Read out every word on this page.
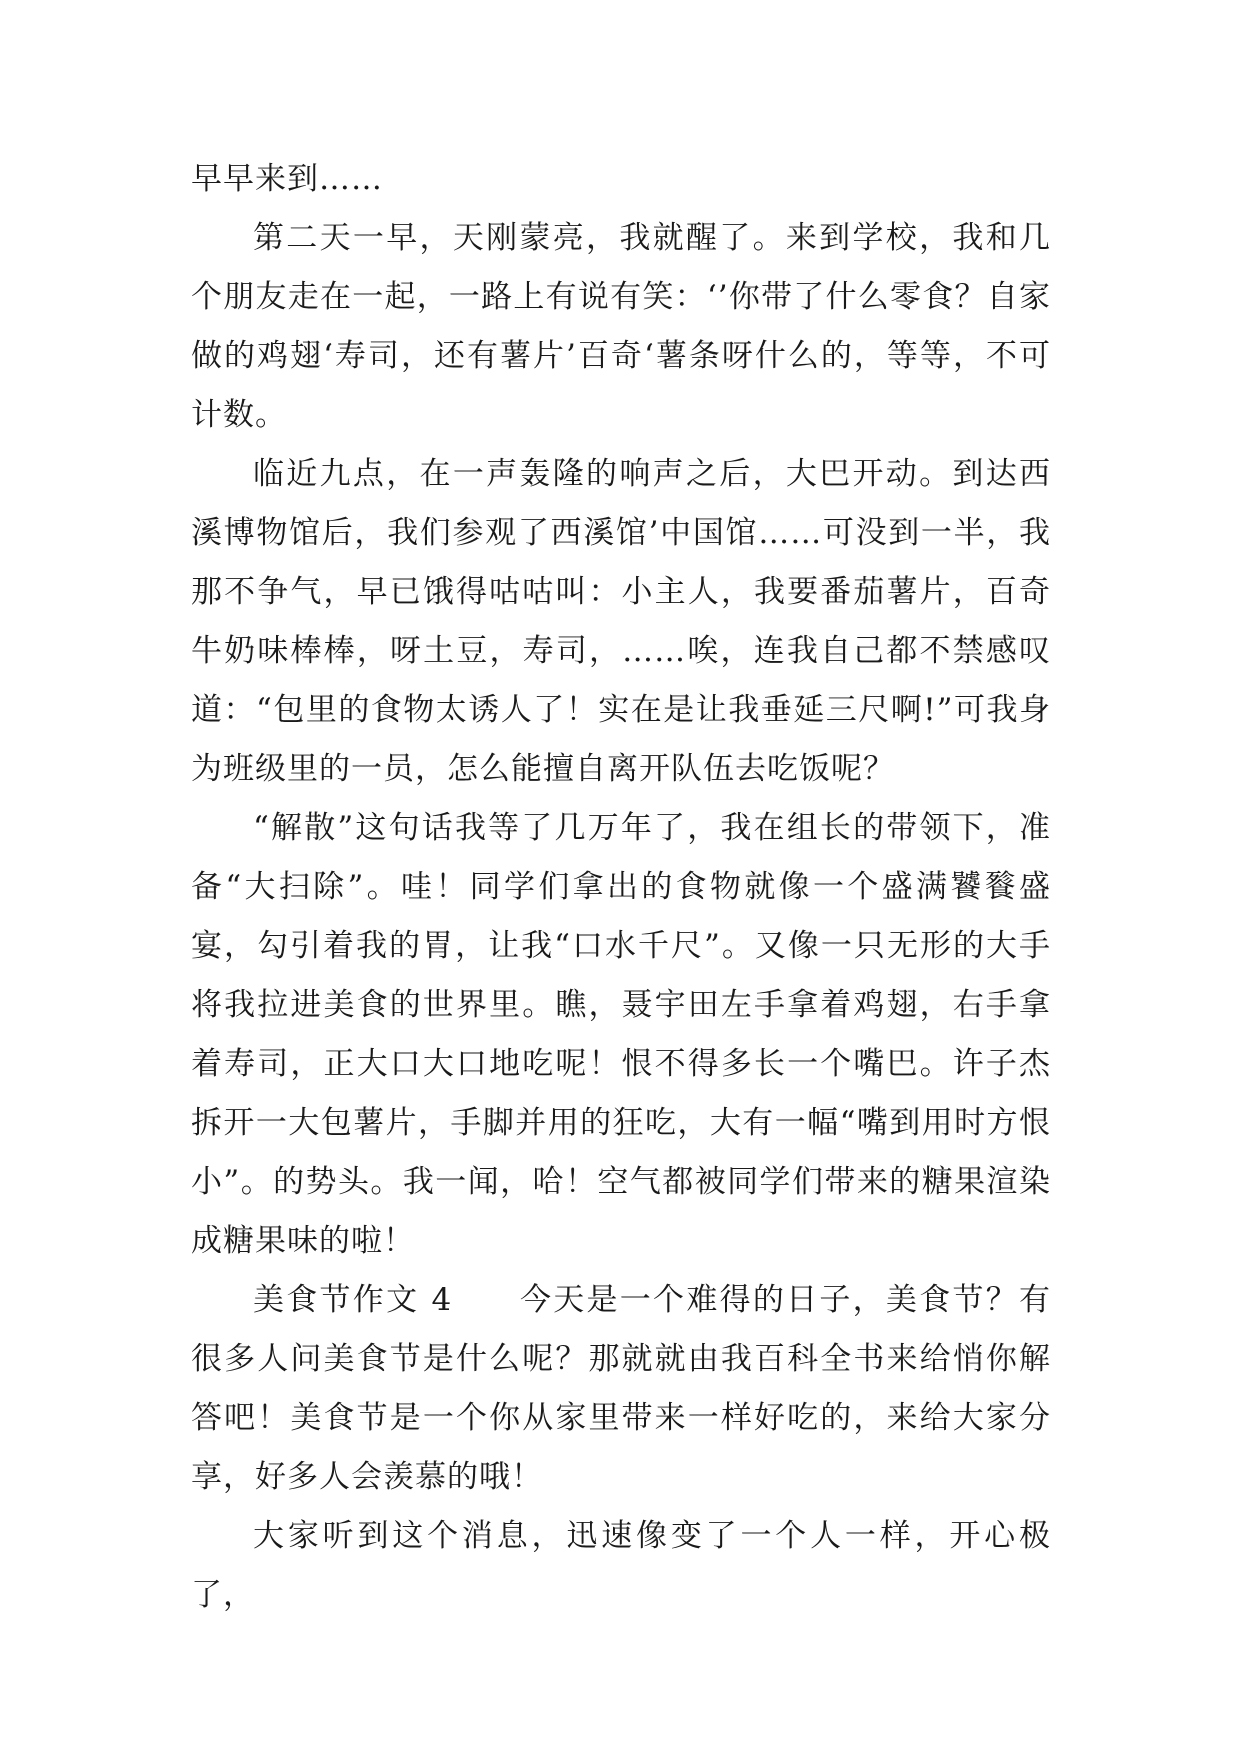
早早来到……

第二天一早，天刚蒙亮，我就醒了。来到学校，我和几个朋友走在一起，一路上有说有笑：‘’你带了什么零食？自家做的鸡翅‘寿司，还有薯片’百奇‘薯条呀什么的，等等，不可计数。

临近九点，在一声轰隆的响声之后，大巴开动。到达西溪博物馆后，我们参观了西溪馆’中国馆……可没到一半，我那不争气，早已饿得咕咕叫：小主人，我要番茄薯片，百奇牛奶味棒棒，呀土豆，寿司，……唉，连我自己都不禁感叹道：“包里的食物太诱人了！实在是让我垂延三尺啊!”可我身为班级里的一员，怎么能擅自离开队伍去吃饭呢？

“解散”这句话我等了几万年了，我在组长的带领下，准备“大扫除”。哇！同学们拿出的食物就像一个盛满饕餮盛宴，勾引着我的胃，让我“口水千尺”。又像一只无形的大手将我拉进美食的世界里。瞧，聂宇田左手拿着鸡翅，右手拿着寿司，正大口大口地吃呢！恨不得多长一个嘴巴。许子杰拆开一大包薯片，手脚并用的狂吃，大有一幅“嘴到用时方恨小”。的势头。我一闻，哈！空气都被同学们带来的糖果渲染成糖果味的啦！

美食节作文 4　　今天是一个难得的日子，美食节？有很多人问美食节是什么呢？那就就由我百科全书来给悄你解答吧！美食节是一个你从家里带来一样好吃的，来给大家分享，好多人会羡慕的哦！

大家听到这个消息，迅速像变了一个人一样，开心极了，
